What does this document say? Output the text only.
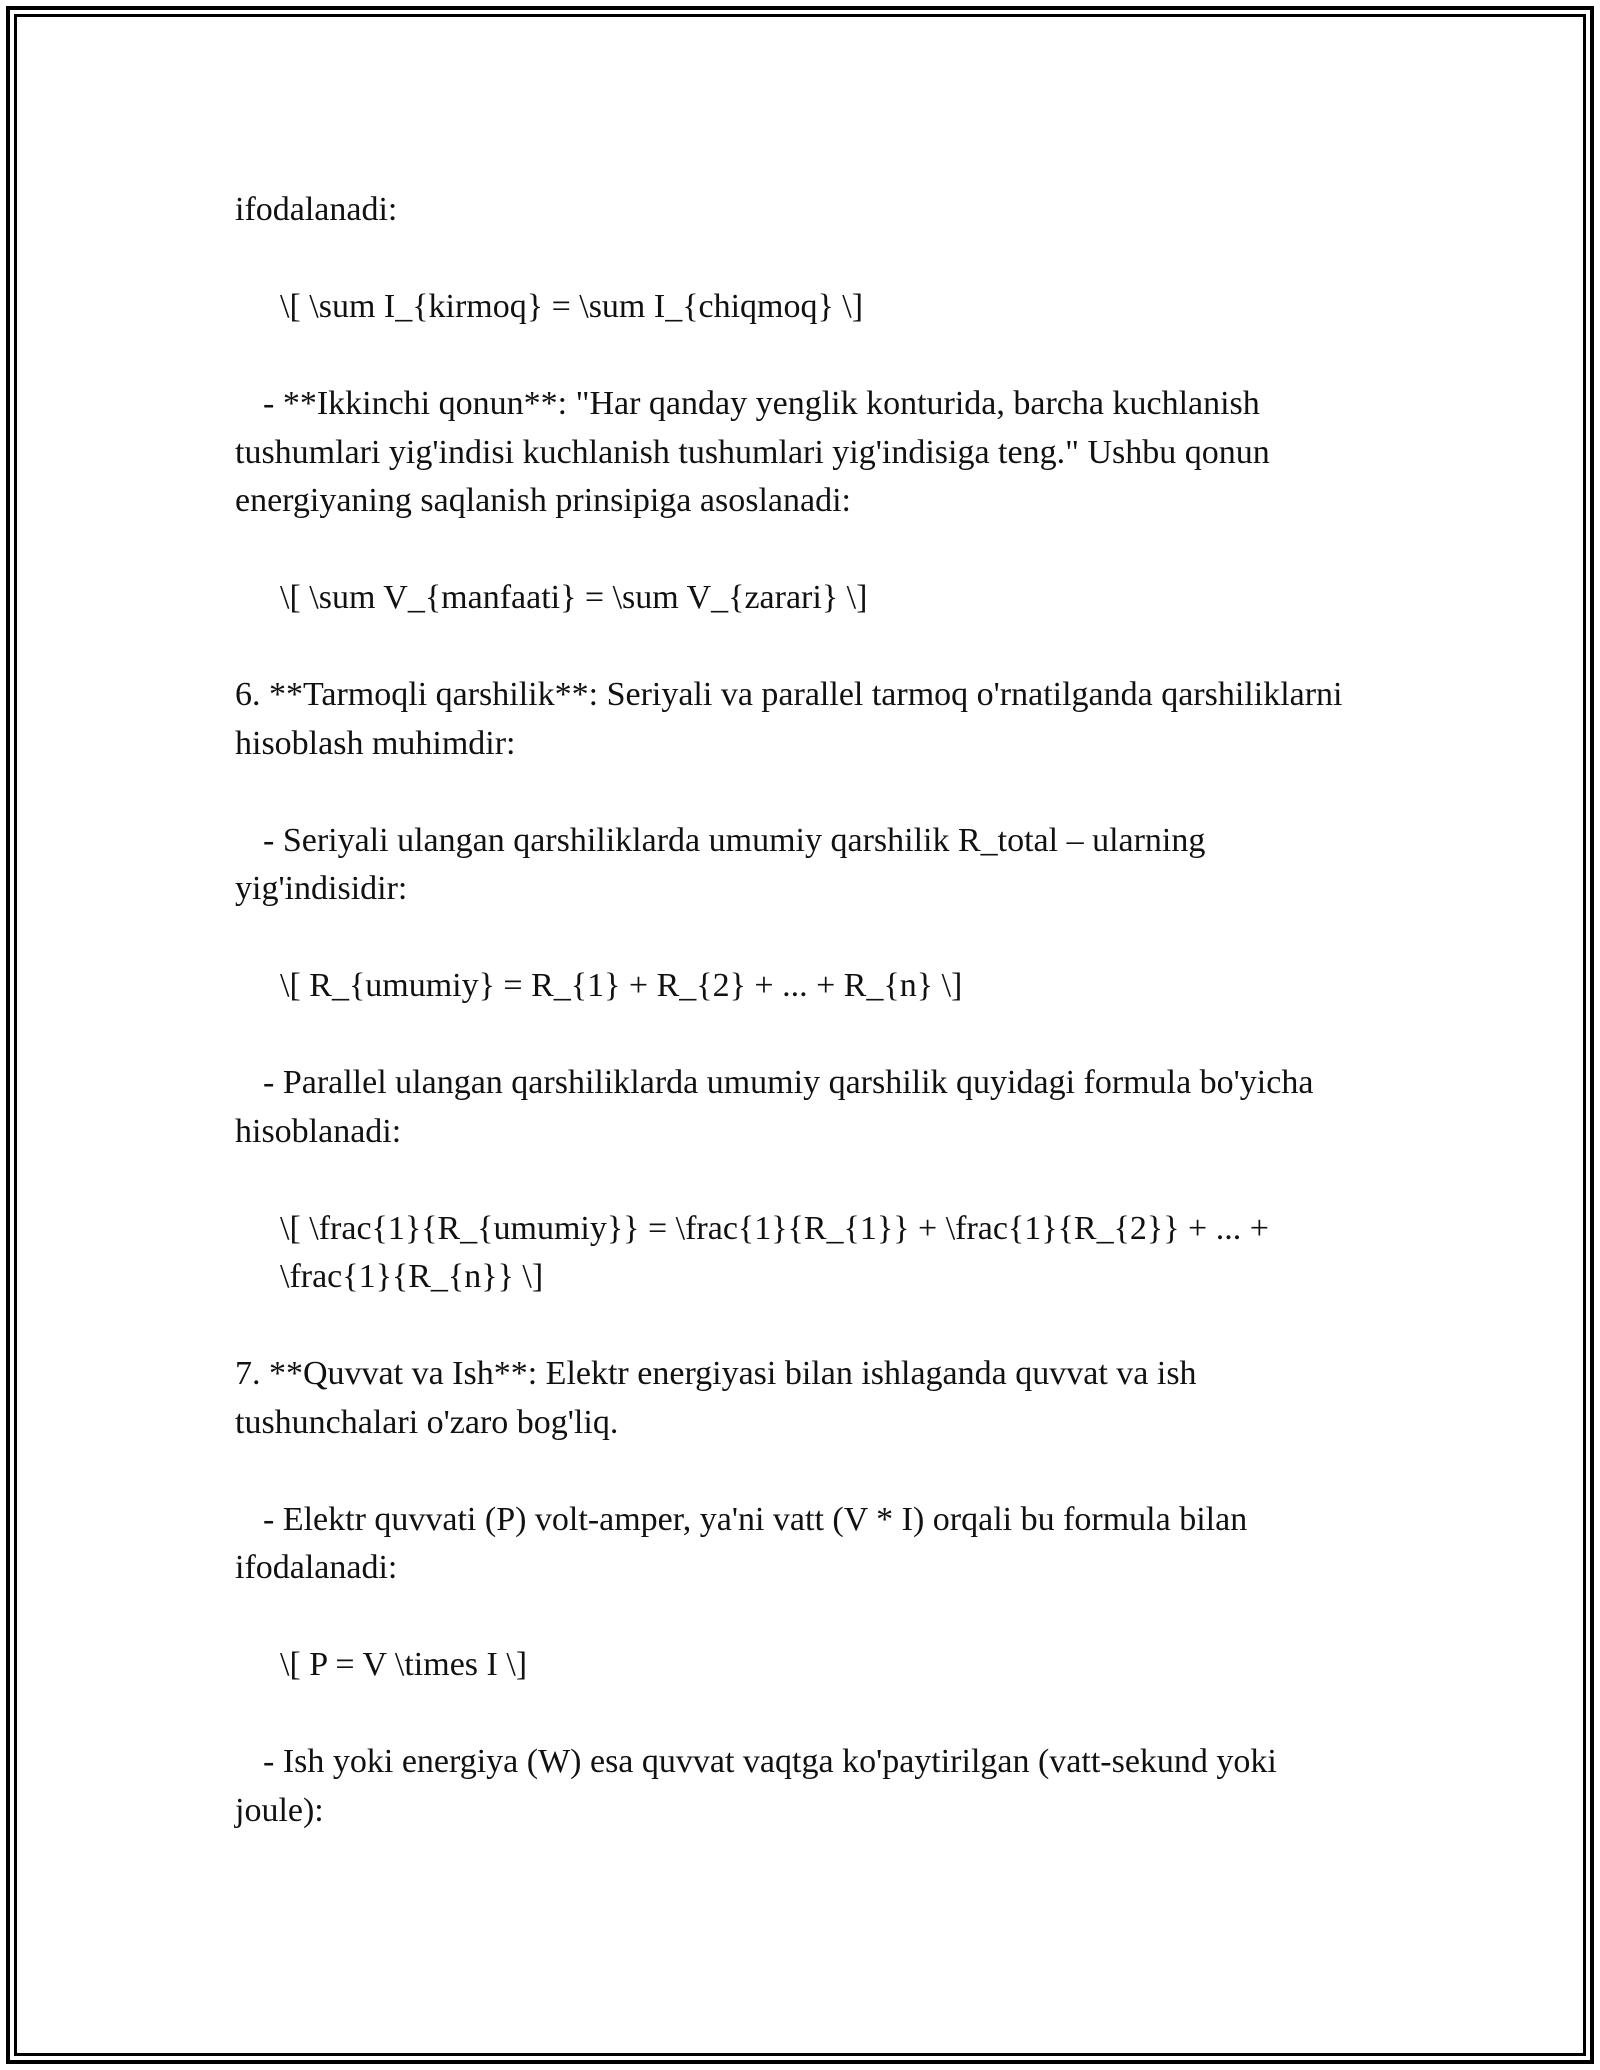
ifodalanadi:

\[ \sum I_{kirmoq} = \sum I_{chiqmoq} \]

- **Ikkinchi qonun**: "Har qanday yenglik konturida, barcha kuchlanish tushumlari yig'indisi kuchlanish tushumlari yig'indisiga teng." Ushbu qonun energiyaning saqlanish prinsipiga asoslanadi:

\[ \sum V_{manfaati} = \sum V_{zarari} \]

6. **Tarmoqli qarshilik**: Seriyali va parallel tarmoq o'rnatilganda qarshiliklarni hisoblash muhimdir:

- Seriyali ulangan qarshiliklarda umumiy qarshilik R_total – ularning yig'indisidir:

\[ R_{umumiy} = R_{1} + R_{2} + ... + R_{n} \]

- Parallel ulangan qarshiliklarda umumiy qarshilik quyidagi formula bo'yicha hisoblanadi:

\[ \frac{1}{R_{umumiy}} = \frac{1}{R_{1}} + \frac{1}{R_{2}} + ... + \frac{1}{R_{n}} \]

7. **Quvvat va Ish**: Elektr energiyasi bilan ishlaganda quvvat va ish tushunchalari o'zaro bog'liq.

- Elektr quvvati (P) volt-amper, ya'ni vatt (V * I) orqali bu formula bilan ifodalanadi:

\[ P = V \times I \]

- Ish yoki energiya (W) esa quvvat vaqtga ko'paytirilgan (vatt-sekund yoki joule):
